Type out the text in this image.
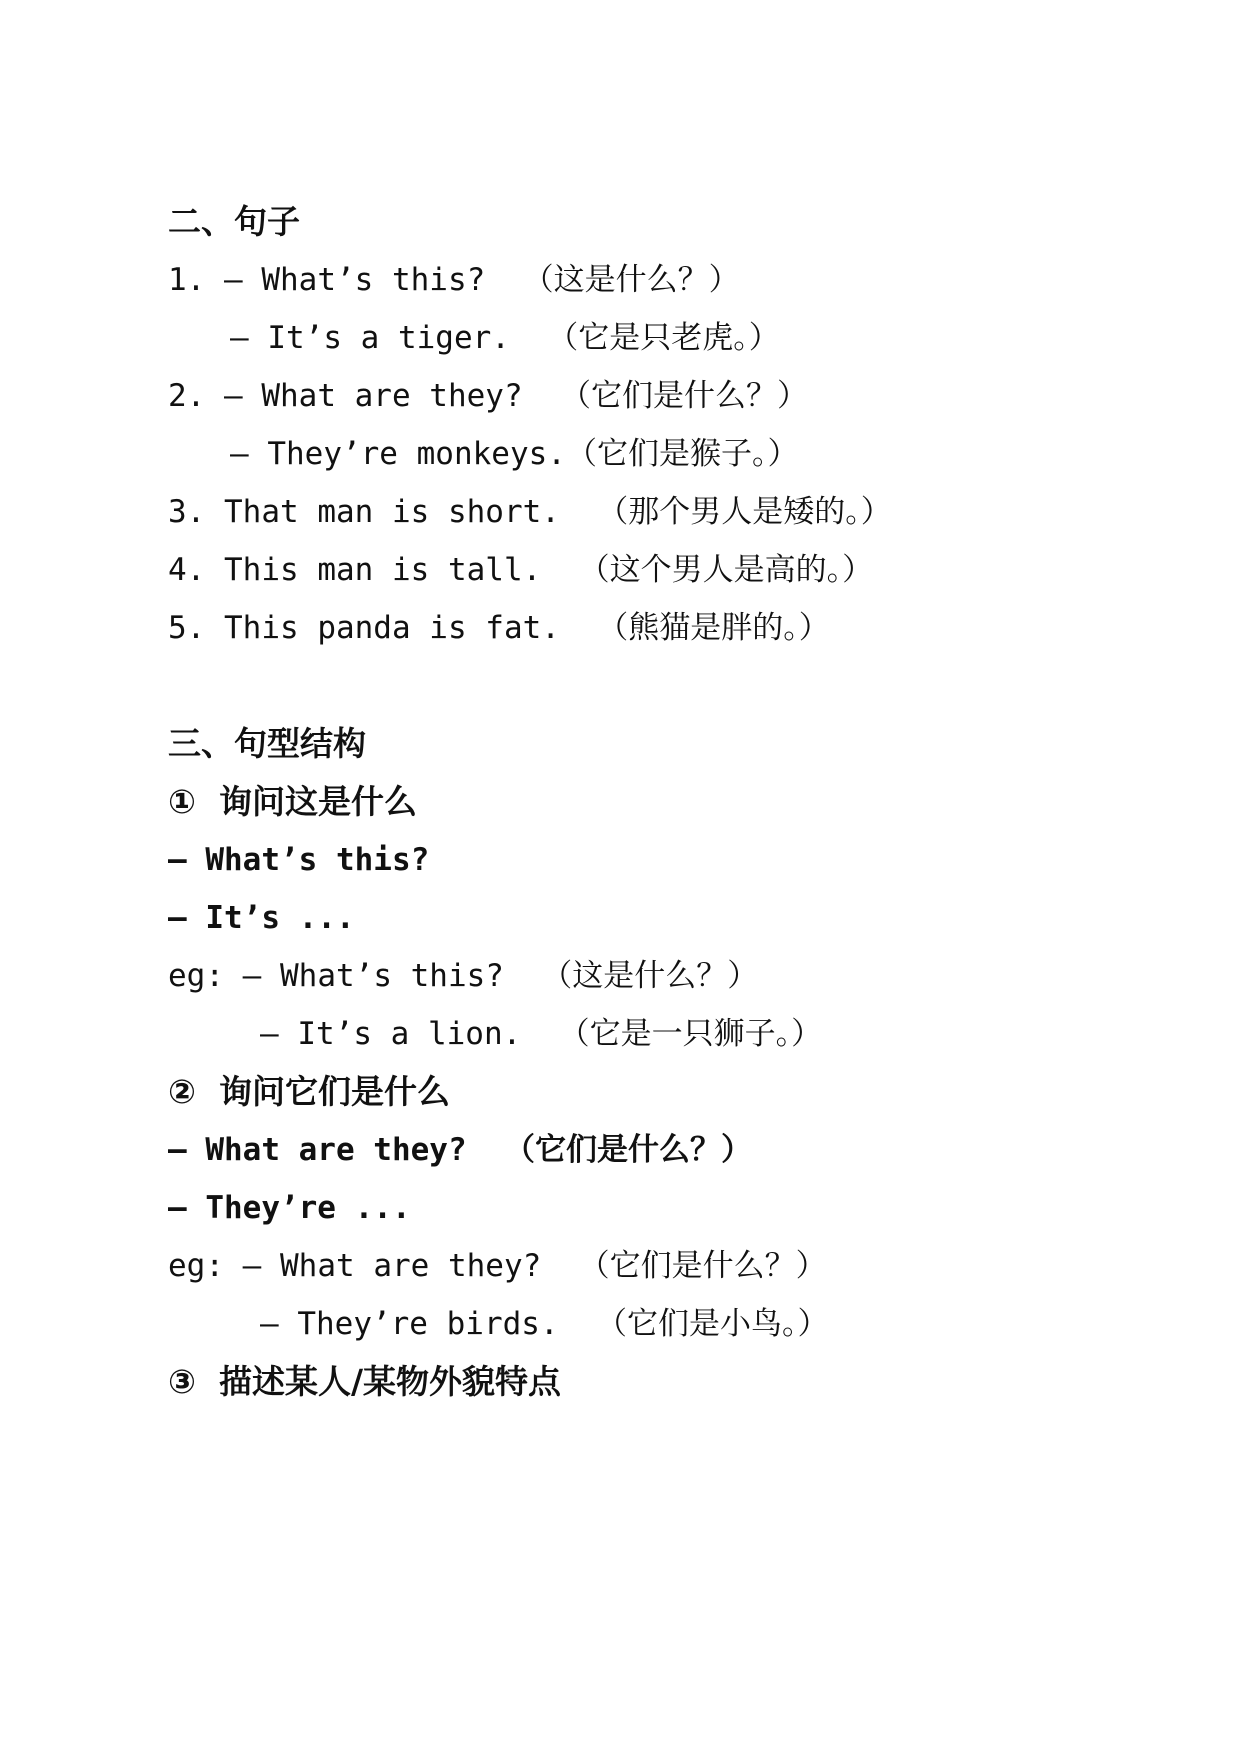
二、句子
1. — What’s this? （这是什么？）
— It’s a tiger. （它是只老虎。）
2. — What are they? （它们是什么？）
— They’re monkeys.（它们是猴子。）
3. That man is short. （那个男人是矮的。）
4. This man is tall. （这个男人是高的。）
5. This panda is fat. （熊猫是胖的。）
三、句型结构
① 询问这是什么
— What’s this?
— It’s ...
eg: — What’s this? （这是什么？）
— It’s a lion. （它是一只狮子。）
② 询问它们是什么
— What are they? （它们是什么？）
— They’re ...
eg: — What are they? （它们是什么？）
— They’re birds. （它们是小鸟。）
③ 描述某人/某物外貌特点
